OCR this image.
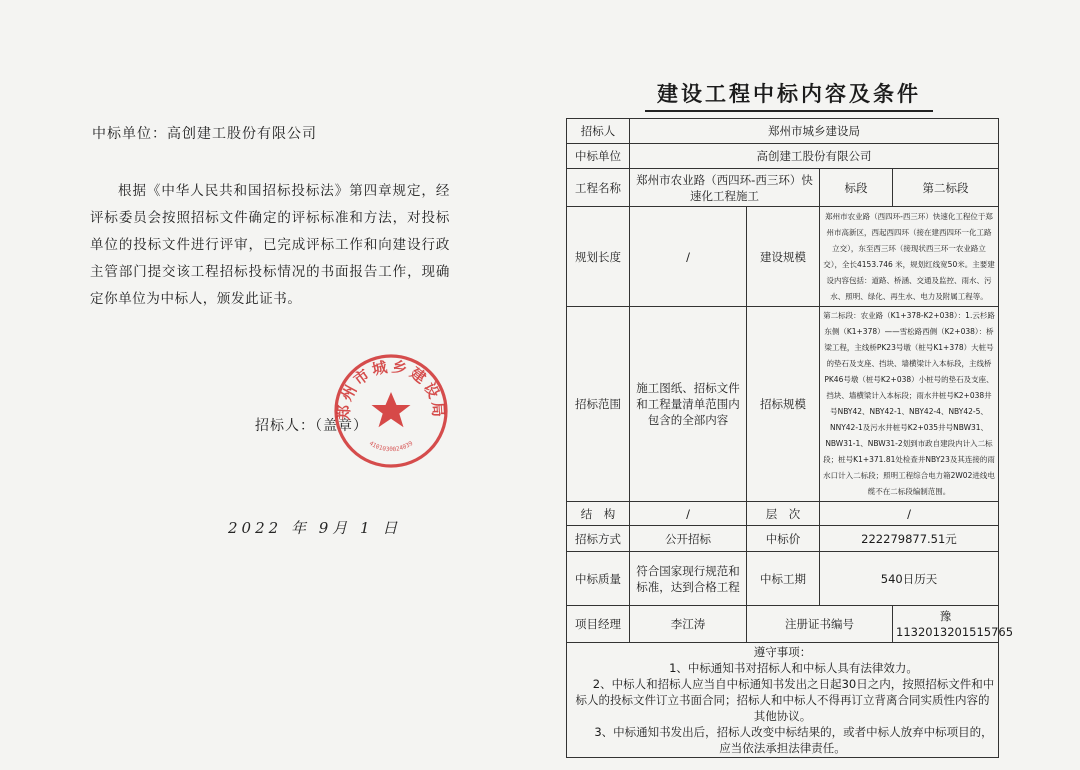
中标单位：高创建工股份有限公司
根据《中华人民共和国招标投标法》第四章规定，经评标委员会按照招标文件确定的评标标准和方法，对投标单位的投标文件进行评审，已完成评标工作和向建设行政主管部门提交该工程招标投标情况的书面报告工作，现确定你单位为中标人，颁发此证书。
招标人：（盖章）
郑州市城乡建设局
4101030024039
2022 年 9月 1 日
建设工程中标内容及条件
招标人	郑州市城乡建设局			
中标单位	高创建工股份有限公司			
工程名称	郑州市农业路（西四环-西三环）快速化工程施工		标段	第二标段
规划长度	/	建设规模	郑州市农业路（西四环-西三环）快速化工程位于郑州市高新区，西起西四环（接在建西四环一化工路立交），东至西三环（接现状西三环一农业路立交），全长4153.746 米，规划红线宽50米。主要建设内容包括：道路、桥涵、交通及监控、雨水、污水、照明、绿化、再生水、电力及附属工程等。	
招标范围	施工图纸、招标文件和工程量清单范围内包含的全部内容	招标规模	第二标段：农业路（K1+378-K2+038）：1.云杉路东侧（K1+378）——雪松路西侧（K2+038）：桥梁工程，主线桥PK23号墩（桩号K1+378）大桩号的垫石及支座、挡块、墙横梁计入本标段，主线桥PK46号墩（桩号K2+038）小桩号的垫石及支座、挡块、墙横梁计入本标段；雨水井桩号K2+038井号NBY42、NBY42-1、NBY42-4、NBY42-5、NNY42-1及污水井桩号K2+035井号NBW31、NBW31-1、NBW31-2划到市政自建段内计入二标段；桩号K1+371.81处检查井NBY23及其连接的雨水口计入二标段；照明工程综合电力箱2W02进线电缆不在二标段编制范围。	
结　构	/	层　次	/	
招标方式	公开招标	中标价	222279877.51元	
中标质量	符合国家现行规范和标准，达到合格工程	中标工期	540日历天	
项目经理	李江涛	注册证书编号		豫1132013201515765

遵守事项：
1、中标通知书对招标人和中标人具有法律效力。
2、中标人和招标人应当自中标通知书发出之日起30日之内，按照招标文件和中标人的投标文件订立书面合同；招标人和中标人不得再订立背离合同实质性内容的其他协议。
3、中标通知书发出后，招标人改变中标结果的，或者中标人放弃中标项目的，应当依法承担法律责任。				
